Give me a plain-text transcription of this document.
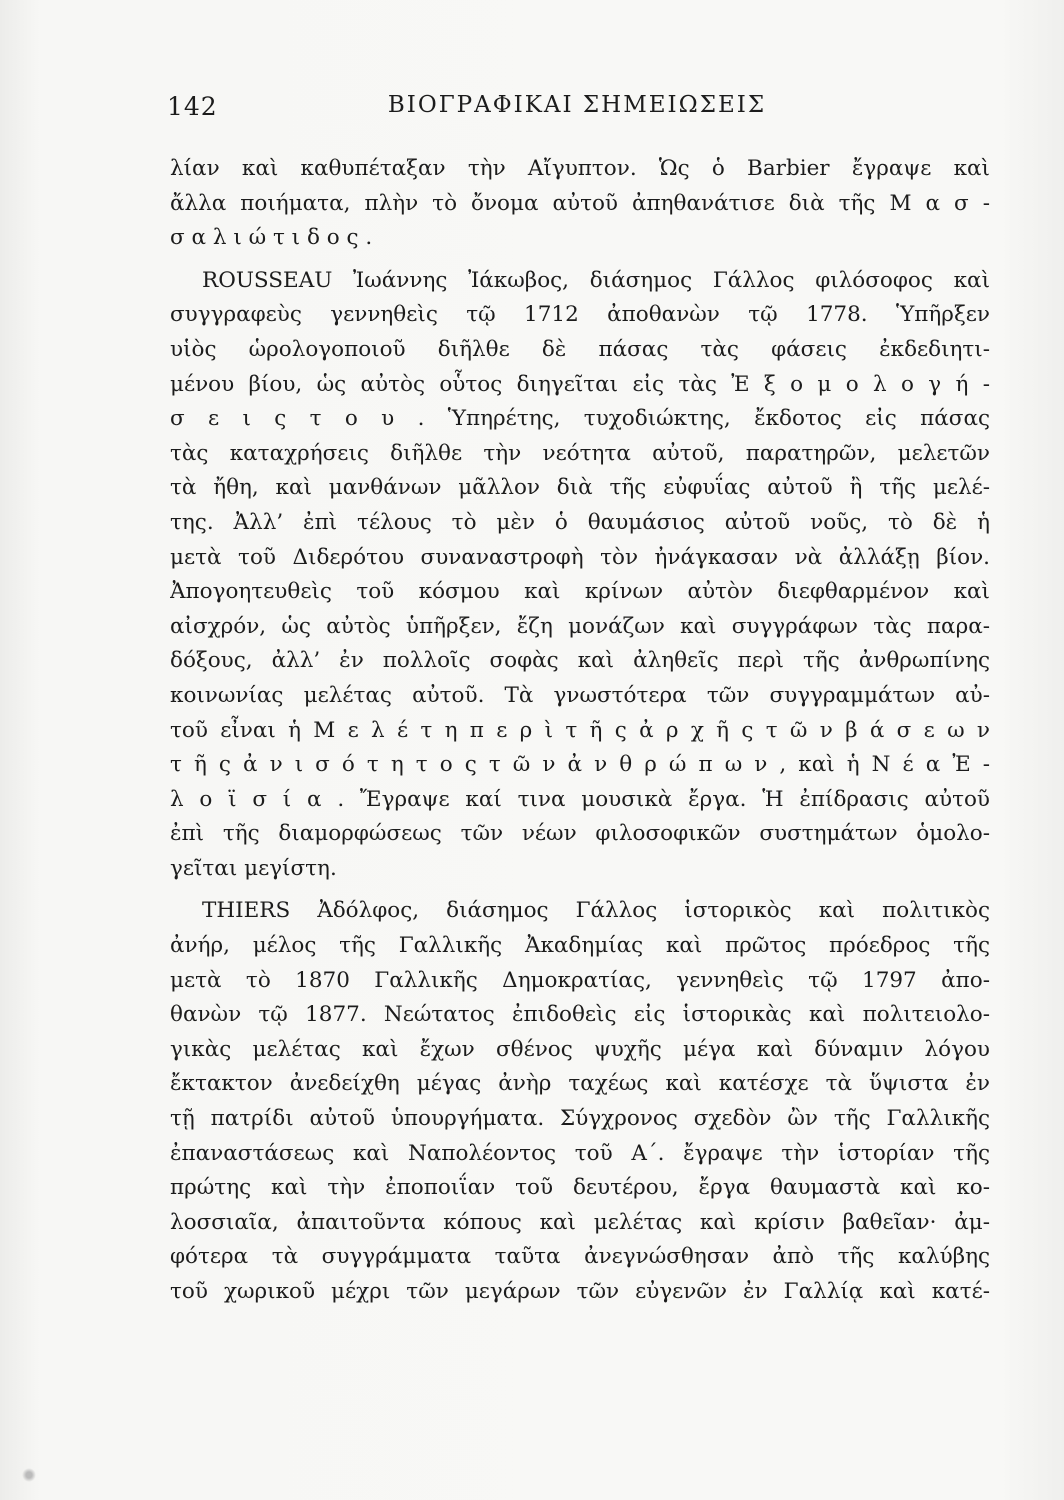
142	ΒΙΟΓΡΑΦΙΚΑΙ ΣΗΜΕΙΩΣΕΙΣ
λίαν καὶ καθυπέταξαν τὴν Αἴγυπτον. Ὡς ὁ Barbier ἔγραψε καὶ
ἄλλα ποιήματα, πλὴν τὸ ὄνομα αὐτοῦ ἀπηθανάτισε διὰ τῆς Μ α σ -
σ α λ ι ώ τ ι δ ο ς .
ROUSSEAU Ἰωάννης Ἰάκωβος, διάσημος Γάλλος φιλόσοφος καὶ
συγγραφεὺς γεννηθεὶς τῷ 1712 ἀποθανὼν τῷ 1778. Ὑπῆρξεν
υἱὸς ὡρολογοποιοῦ διῆλθε δὲ πάσας τὰς φάσεις ἐκδεδιητι-
μένου βίου, ὡς αὐτὸς οὗτος διηγεῖται εἰς τὰς Ἐ ξ ο μ ο λ ο γ ή -
σ ε ι ς τ ο υ . Ὑπηρέτης, τυχοδιώκτης, ἔκδοτος εἰς πάσας
τὰς καταχρήσεις διῆλθε τὴν νεότητα αὐτοῦ, παρατηρῶν, μελετῶν
τὰ ἤθη, καὶ μανθάνων μᾶλλον διὰ τῆς εὐφυΐας αὐτοῦ ἢ τῆς μελέ-
της. Ἀλλ’ ἐπὶ τέλους τὸ μὲν ὁ θαυμάσιος αὐτοῦ νοῦς, τὸ δὲ ἡ
μετὰ τοῦ Διδερότου συναναστροφὴ τὸν ἠνάγκασαν νὰ ἀλλάξῃ βίον.
Ἀπογοητευθεὶς τοῦ κόσμου καὶ κρίνων αὐτὸν διεφθαρμένον καὶ
αἰσχρόν, ὡς αὐτὸς ὑπῆρξεν, ἔζη μονάζων καὶ συγγράφων τὰς παρα-
δόξους, ἀλλ’ ἐν πολλοῖς σοφὰς καὶ ἀληθεῖς περὶ τῆς ἀνθρωπίνης
κοινωνίας μελέτας αὐτοῦ. Τὰ γνωστότερα τῶν συγγραμμάτων αὐ-
τοῦ εἶναι ἡ Μ ε λ έ τ η π ε ρ ὶ τ ῆ ς ἀ ρ χ ῆ ς τ ῶ ν β ά σ ε ω ν
τ ῆ ς ἀ ν ι σ ό τ η τ ο ς τ ῶ ν ἀ ν θ ρ ώ π ω ν , καὶ ἡ Ν έ α Ἐ -
λ ο ϊ σ ί α . Ἔγραψε καί τινα μουσικὰ ἔργα. Ἡ ἐπίδρασις αὐτοῦ
ἐπὶ τῆς διαμορφώσεως τῶν νέων φιλοσοφικῶν συστημάτων ὁμολο-
γεῖται μεγίστη.
THIERS Ἀδόλφος, διάσημος Γάλλος ἱστορικὸς καὶ πολιτικὸς
ἀνήρ, μέλος τῆς Γαλλικῆς Ἀκαδημίας καὶ πρῶτος πρόεδρος τῆς
μετὰ τὸ 1870 Γαλλικῆς Δημοκρατίας, γεννηθεὶς τῷ 1797 ἀπο-
θανὼν τῷ 1877. Νεώτατος ἐπιδοθεὶς εἰς ἱστορικὰς καὶ πολιτειολο-
γικὰς μελέτας καὶ ἔχων σθένος ψυχῆς μέγα καὶ δύναμιν λόγου
ἔκτακτον ἀνεδείχθη μέγας ἀνὴρ ταχέως καὶ κατέσχε τὰ ὕψιστα ἐν
τῇ πατρίδι αὐτοῦ ὑπουργήματα. Σύγχρονος σχεδὸν ὢν τῆς Γαλλικῆς
ἐπαναστάσεως καὶ Ναπολέοντος τοῦ Α΄. ἔγραψε τὴν ἱστορίαν τῆς
πρώτης καὶ τὴν ἐποποιΐαν τοῦ δευτέρου, ἔργα θαυμαστὰ καὶ κο-
λοσσιαῖα, ἀπαιτοῦντα κόπους καὶ μελέτας καὶ κρίσιν βαθεῖαν· ἀμ-
φότερα τὰ συγγράμματα ταῦτα ἀνεγνώσθησαν ἀπὸ τῆς καλύβης
τοῦ χωρικοῦ μέχρι τῶν μεγάρων τῶν εὐγενῶν ἐν Γαλλίᾳ καὶ κατέ-
